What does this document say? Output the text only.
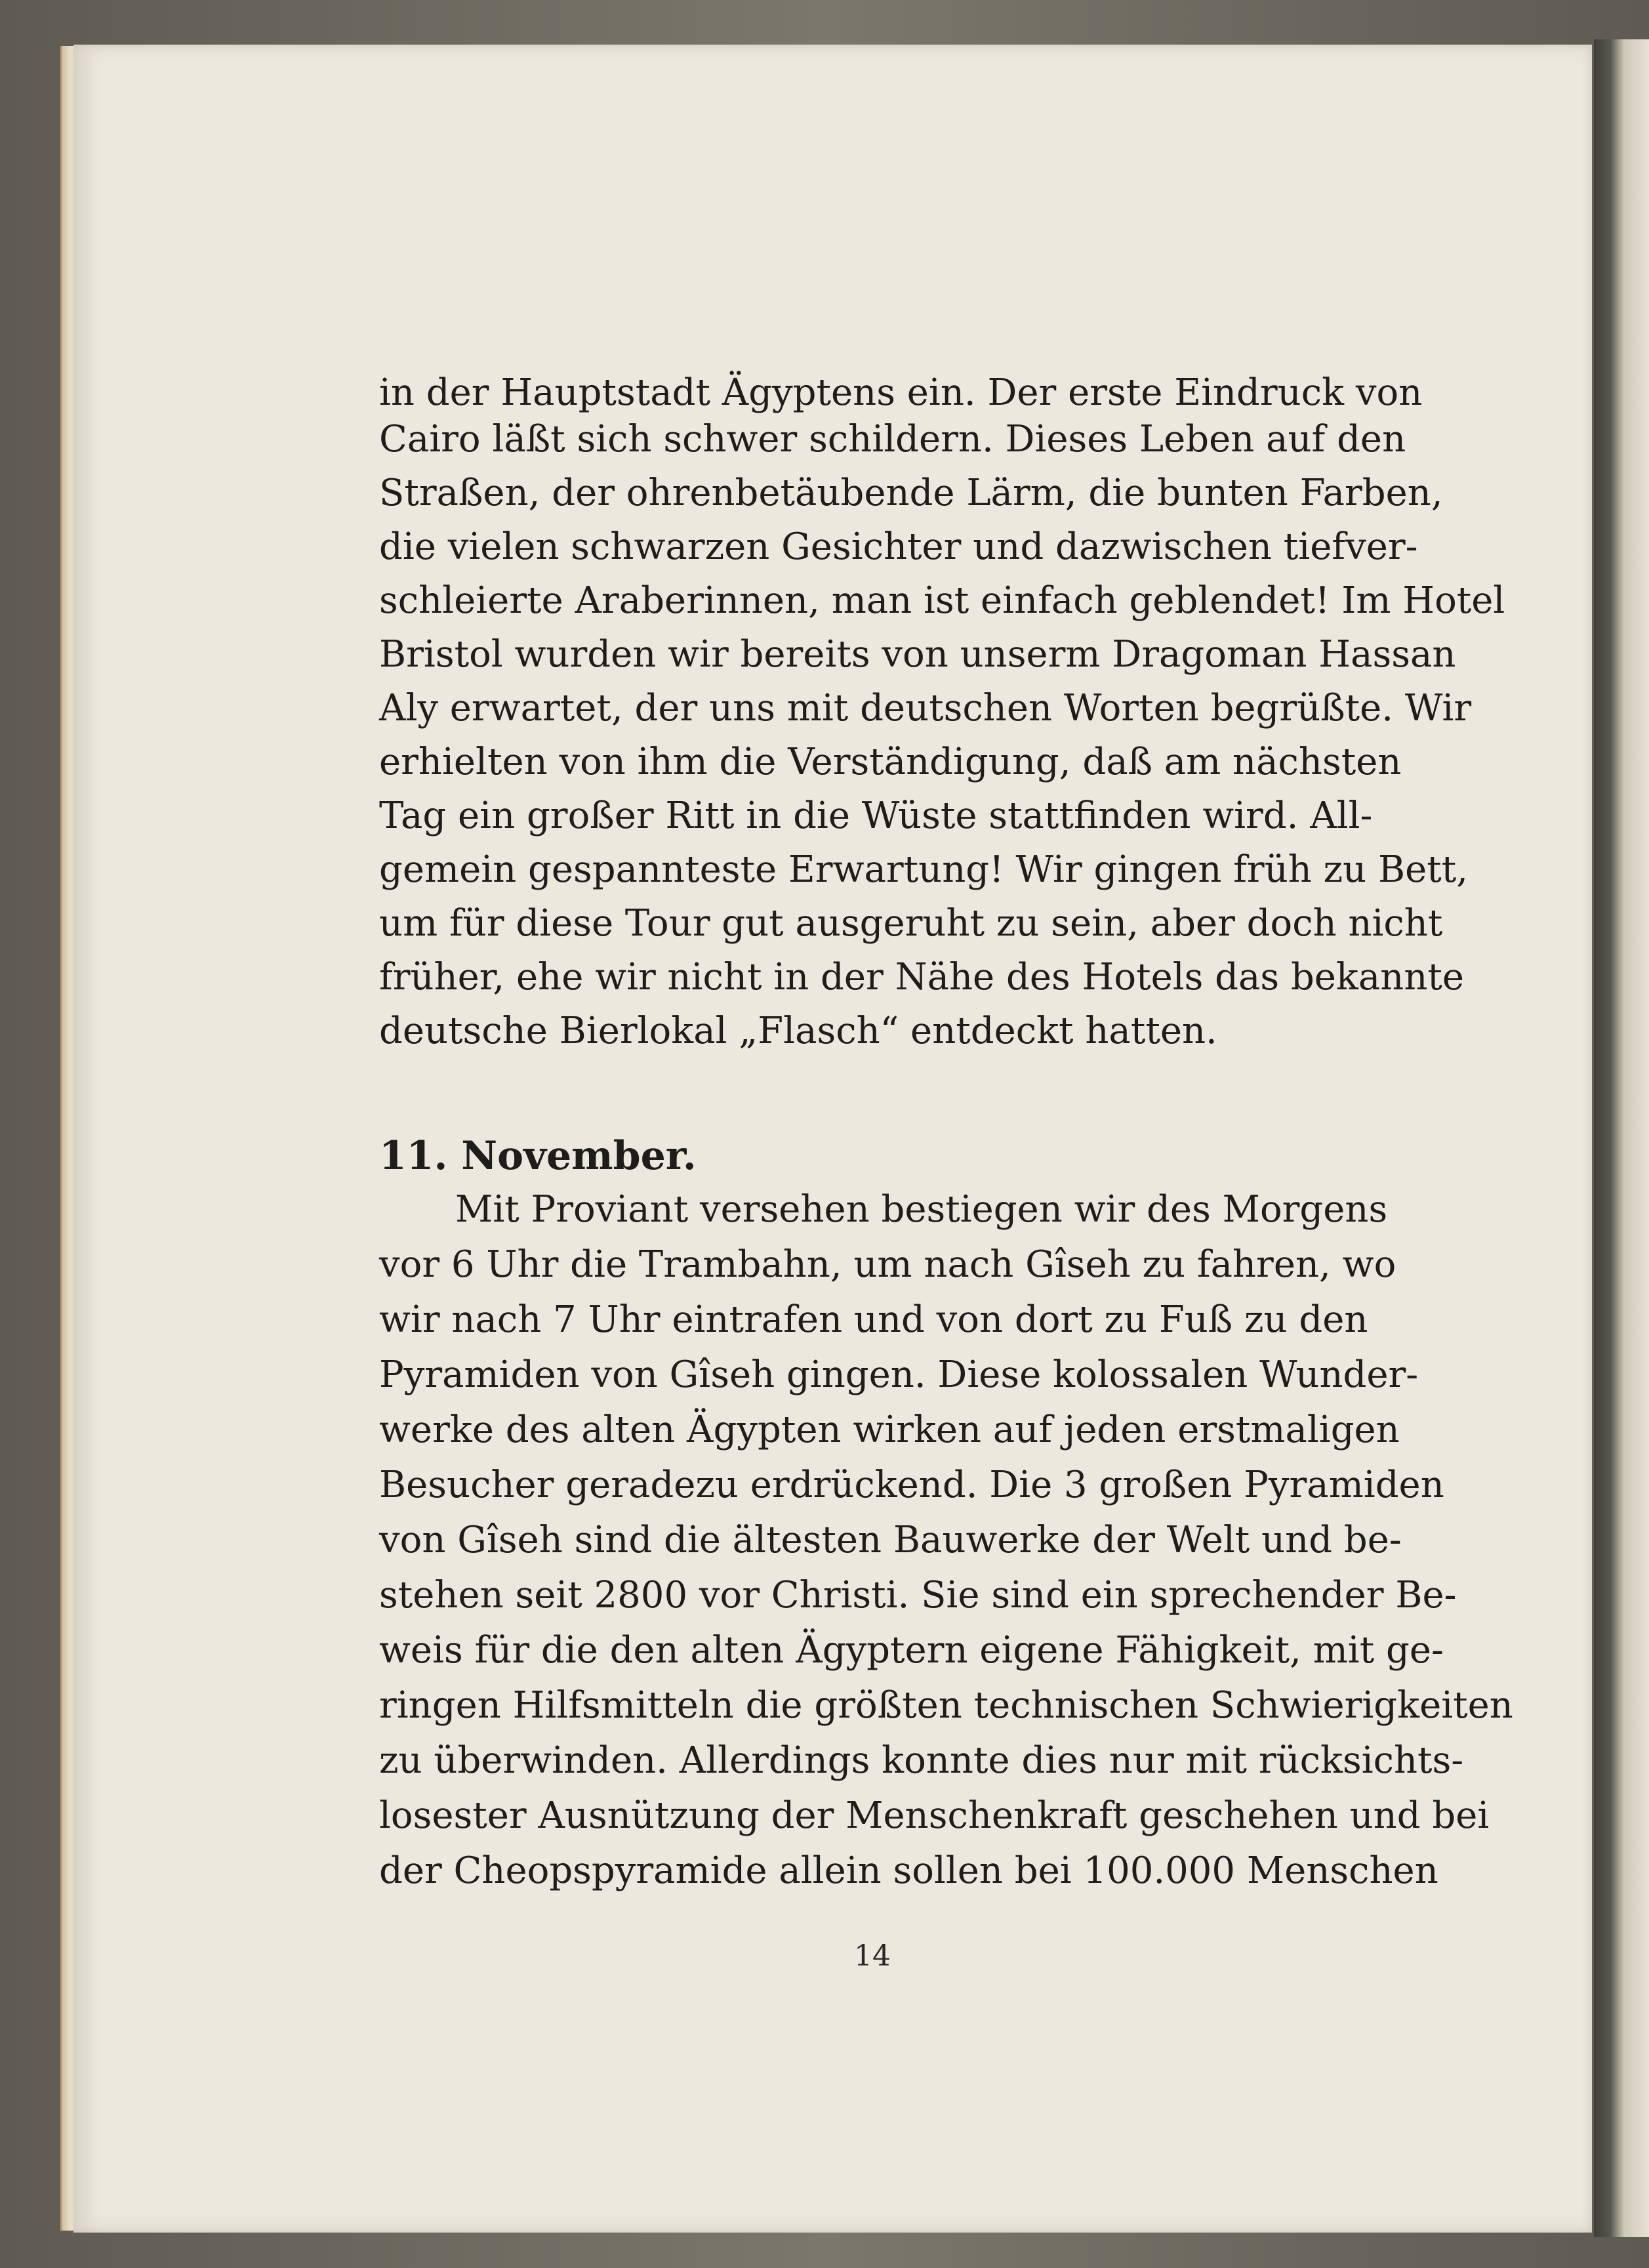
in der Hauptstadt Ägyptens ein. Der erste Eindruck von
Cairo läßt sich schwer schildern. Dieses Leben auf den
Straßen, der ohrenbetäubende Lärm, die bunten Farben,
die vielen schwarzen Gesichter und dazwischen tiefver-
schleierte Araberinnen, man ist einfach geblendet! Im Hotel
Bristol wurden wir bereits von unserm Dragoman Hassan
Aly erwartet, der uns mit deutschen Worten begrüßte. Wir
erhielten von ihm die Verständigung, daß am nächsten
Tag ein großer Ritt in die Wüste stattfinden wird. All-
gemein gespannteste Erwartung! Wir gingen früh zu Bett,
um für diese Tour gut ausgeruht zu sein, aber doch nicht
früher, ehe wir nicht in der Nähe des Hotels das bekannte
deutsche Bierlokal „Flasch“ entdeckt hatten.
11. November.
Mit Proviant versehen bestiegen wir des Morgens
vor 6 Uhr die Trambahn, um nach Gîseh zu fahren, wo
wir nach 7 Uhr eintrafen und von dort zu Fuß zu den
Pyramiden von Gîseh gingen. Diese kolossalen Wunder-
werke des alten Ägypten wirken auf jeden erstmaligen
Besucher geradezu erdrückend. Die 3 großen Pyramiden
von Gîseh sind die ältesten Bauwerke der Welt und be-
stehen seit 2800 vor Christi. Sie sind ein sprechender Be-
weis für die den alten Ägyptern eigene Fähigkeit, mit ge-
ringen Hilfsmitteln die größten technischen Schwierigkeiten
zu überwinden. Allerdings konnte dies nur mit rücksichts-
losester Ausnützung der Menschenkraft geschehen und bei
der Cheopspyramide allein sollen bei 100.000 Menschen
14
